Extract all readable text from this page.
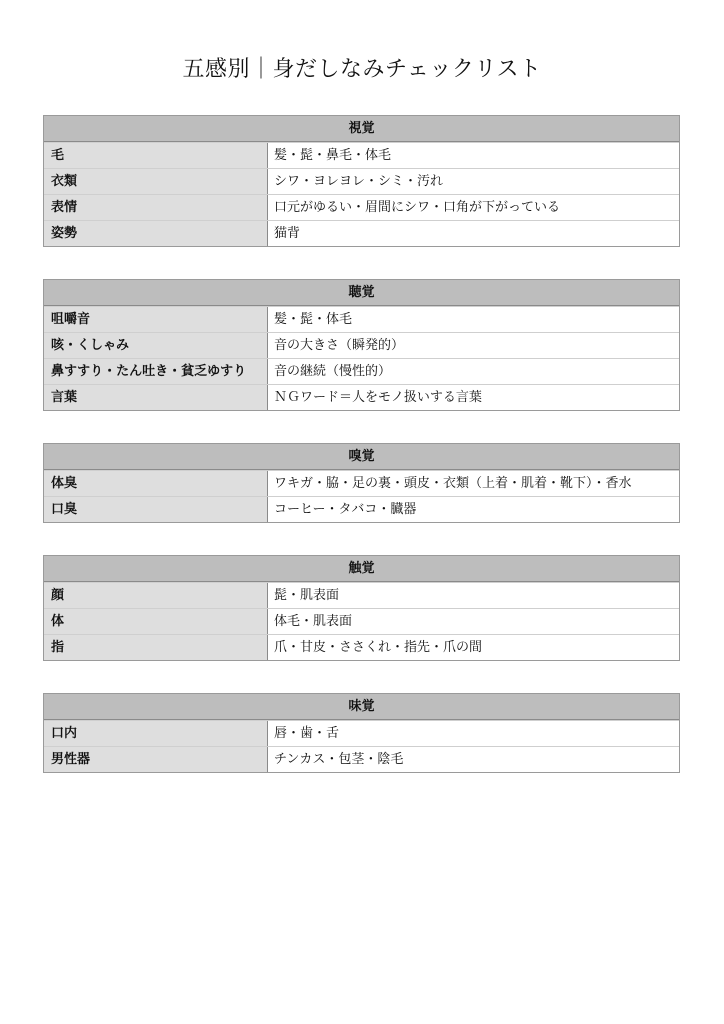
五感別｜身だしなみチェックリスト
視覚
毛	髪・髭・鼻毛・体毛
衣類	シワ・ヨレヨレ・シミ・汚れ
表情	口元がゆるい・眉間にシワ・口角が下がっている
姿勢	猫背
聴覚
咀嚼音	髪・髭・体毛
咳・くしゃみ	音の大きさ（瞬発的）
鼻すすり・たん吐き・貧乏ゆすり	音の継続（慢性的）
言葉	ＮＧワード＝人をモノ扱いする言葉
嗅覚
体臭	ワキガ・脇・足の裏・頭皮・衣類（上着・肌着・靴下）・香水
口臭	コーヒー・タバコ・臓器
触覚
顔	髭・肌表面
体	体毛・肌表面
指	爪・甘皮・ささくれ・指先・爪の間
味覚
口内	唇・歯・舌
男性器	チンカス・包茎・陰毛
